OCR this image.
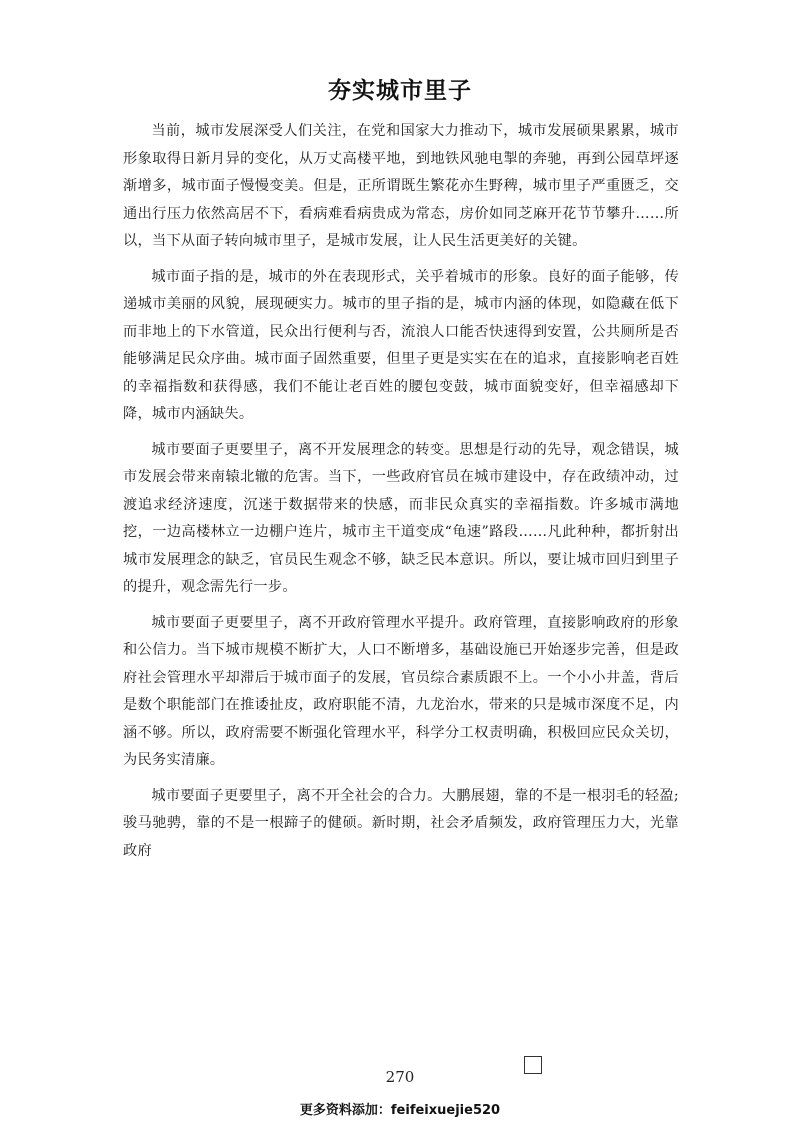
夯实城市里子

当前，城市发展深受人们关注，在党和国家大力推动下，城市发展硕果累累，城市形象取得日新月异的变化，从万丈高楼平地，到地铁风驰电掣的奔驰，再到公园草坪逐渐增多，城市面子慢慢变美。但是，正所谓既生繁花亦生野稗，城市里子严重匮乏，交通出行压力依然高居不下，看病难看病贵成为常态，房价如同芝麻开花节节攀升……所以，当下从面子转向城市里子，是城市发展，让人民生活更美好的关键。

城市面子指的是，城市的外在表现形式，关乎着城市的形象。良好的面子能够，传递城市美丽的风貌，展现硬实力。城市的里子指的是，城市内涵的体现，如隐藏在低下而非地上的下水管道，民众出行便利与否，流浪人口能否快速得到安置，公共厕所是否能够满足民众序曲。城市面子固然重要，但里子更是实实在在的追求，直接影响老百姓的幸福指数和获得感，我们不能让老百姓的腰包变鼓，城市面貌变好，但幸福感却下降，城市内涵缺失。

城市要面子更要里子，离不开发展理念的转变。思想是行动的先导，观念错误，城市发展会带来南辕北辙的危害。当下，一些政府官员在城市建设中，存在政绩冲动，过渡追求经济速度，沉迷于数据带来的快感，而非民众真实的幸福指数。许多城市满地挖，一边高楼林立一边棚户连片，城市主干道变成“龟速”路段……凡此种种，都折射出城市发展理念的缺乏，官员民生观念不够，缺乏民本意识。所以，要让城市回归到里子的提升，观念需先行一步。

城市要面子更要里子，离不开政府管理水平提升。政府管理，直接影响政府的形象和公信力。当下城市规模不断扩大，人口不断增多，基础设施已开始逐步完善，但是政府社会管理水平却滞后于城市面子的发展，官员综合素质跟不上。一个小小井盖，背后是数个职能部门在推诿扯皮，政府职能不清，九龙治水，带来的只是城市深度不足，内涵不够。所以，政府需要不断强化管理水平，科学分工权责明确，积极回应民众关切，为民务实清廉。

城市要面子更要里子，离不开全社会的合力。大鹏展翅，靠的不是一根羽毛的轻盈;骏马驰骋，靠的不是一根蹄子的健硕。新时期，社会矛盾频发，政府管理压力大，光靠政府

270
更多资料添加：feifeixuejie520
